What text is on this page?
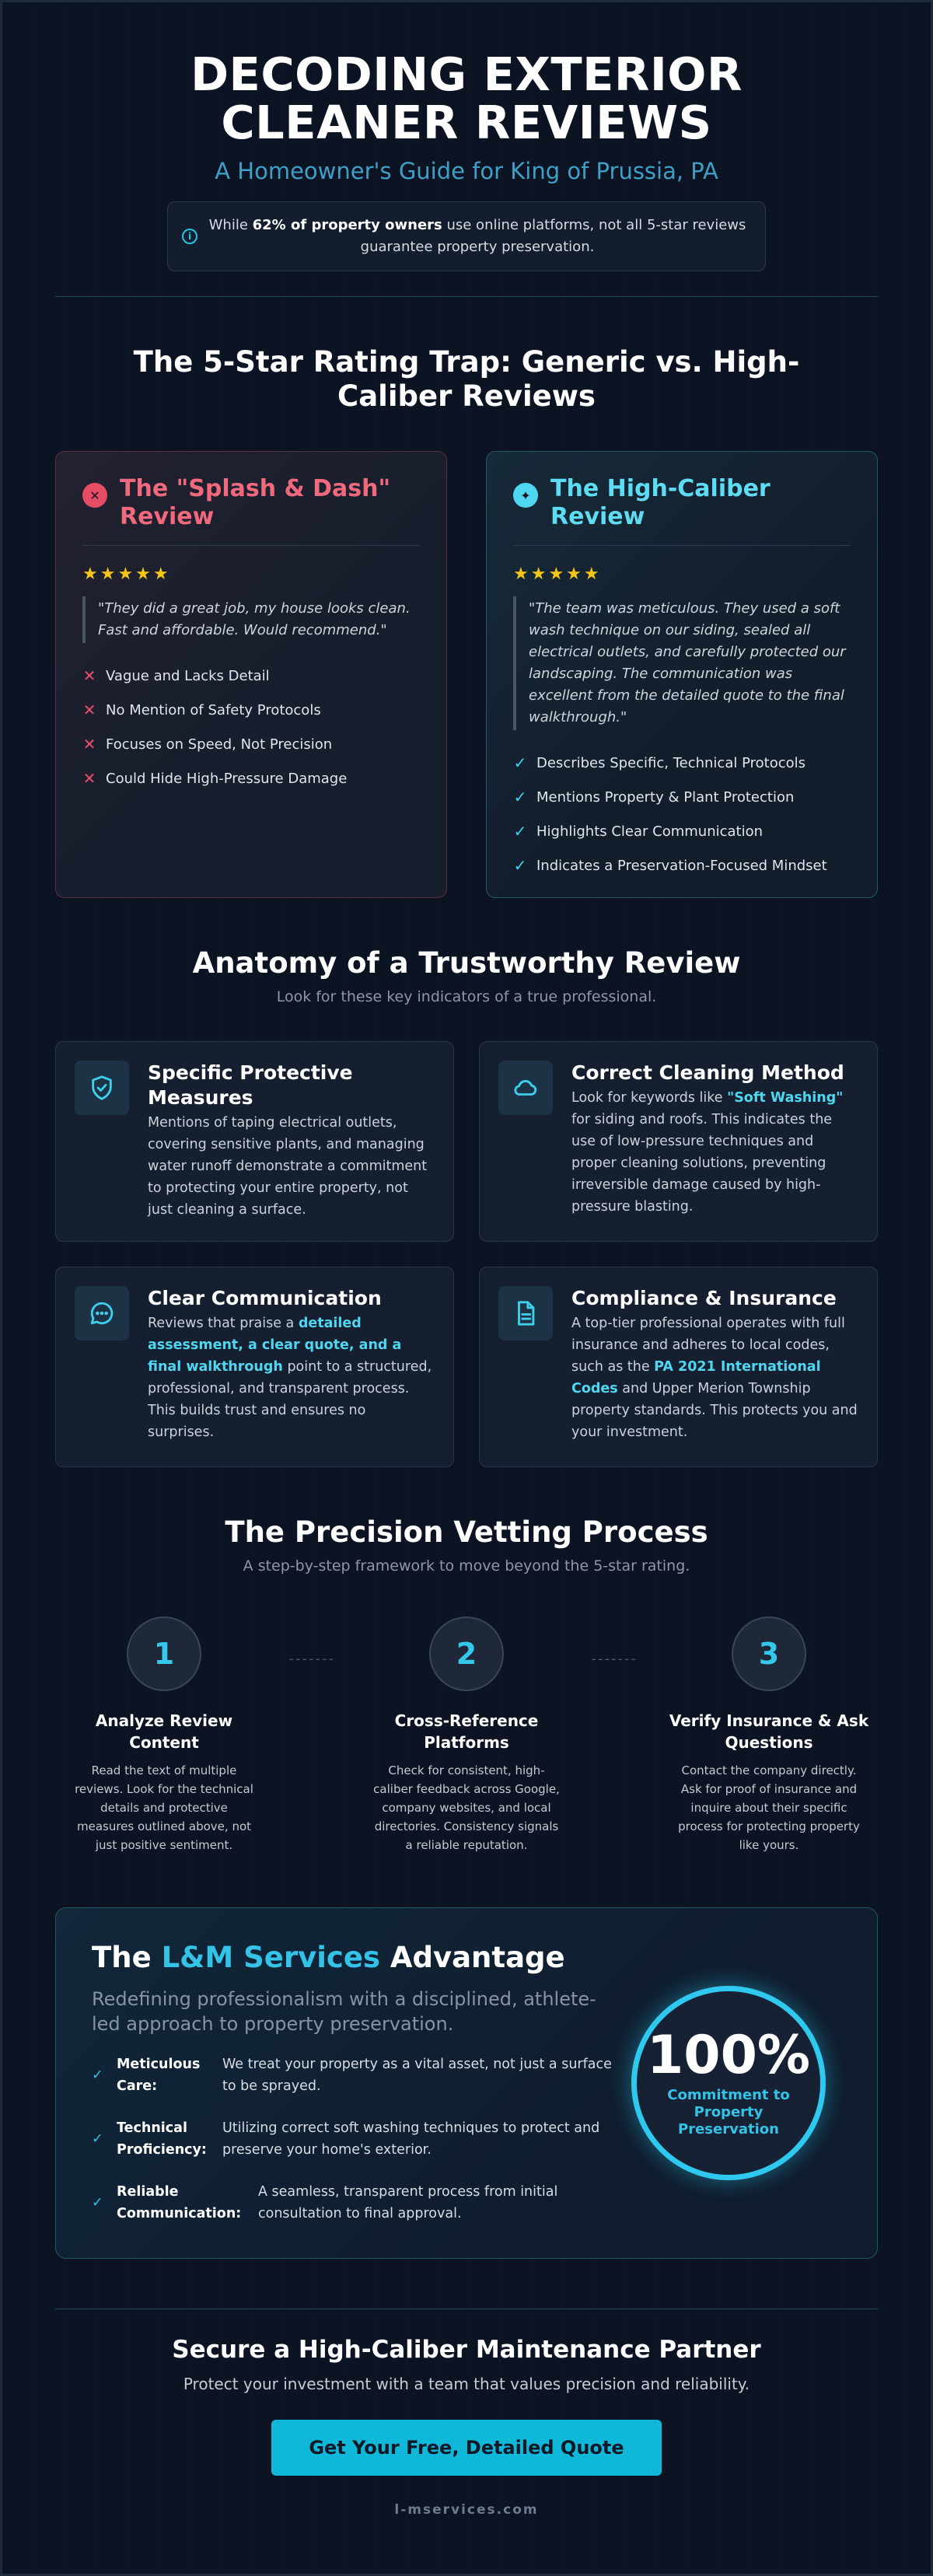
DECODING EXTERIOR CLEANER REVIEWS
A Homeowner's Guide for King of Prussia, PA
i
While 62% of property owners use online platforms, not all 5-star reviews guarantee property preservation.
The 5-Star Rating Trap: Generic vs. High-Caliber Reviews
✕ The "Splash & Dash" Review
★★★★★
"They did a great job, my house looks clean. Fast and affordable. Would recommend."
✕ Vague and Lacks Detail
✕ No Mention of Safety Protocols
✕ Focuses on Speed, Not Precision
✕ Could Hide High-Pressure Damage
✦ The High-Caliber Review
★★★★★
"The team was meticulous. They used a soft wash technique on our siding, sealed all electrical outlets, and carefully protected our landscaping. The communication was excellent from the detailed quote to the final walkthrough."
✓ Describes Specific, Technical Protocols
✓ Mentions Property & Plant Protection
✓ Highlights Clear Communication
✓ Indicates a Preservation-Focused Mindset
Anatomy of a Trustworthy Review
Look for these key indicators of a true professional.
Specific Protective Measures

Mentions of taping electrical outlets, covering sensitive plants, and managing water runoff demonstrate a commitment to protecting your entire property, not just cleaning a surface.

Correct Cleaning Method

Look for keywords like "Soft Washing" for siding and roofs. This indicates the use of low-pressure techniques and proper cleaning solutions, preventing irreversible damage caused by high-pressure blasting.

Clear Communication

Reviews that praise a detailed assessment, a clear quote, and a final walkthrough point to a structured, professional, and transparent process. This builds trust and ensures no surprises.

Compliance & Insurance

A top-tier professional operates with full insurance and adheres to local codes, such as the PA 2021 International Codes and Upper Merion Township property standards. This protects you and your investment.

The Precision Vetting Process
A step-by-step framework to move beyond the 5-star rating.
1
Analyze Review Content

Read the text of multiple reviews. Look for the technical details and protective measures outlined above, not just positive sentiment.

-------	2
Cross-Reference Platforms

Check for consistent, high-caliber feedback across Google, company websites, and local directories. Consistency signals a reliable reputation.

-------	3
Verify Insurance & Ask Questions

Contact the company directly. Ask for proof of insurance and inquire about their specific process for protecting property like yours.

The L&M Services Advantage
Redefining professionalism with a disciplined, athlete-led approach to property preservation.
✓
Meticulous Care:
We treat your property as a vital asset, not just a surface to be sprayed.
✓
Technical Proficiency:
Utilizing correct soft washing techniques to protect and preserve your home's exterior.
✓
Reliable Communication:
A seamless, transparent process from initial consultation to final approval.
100%
Commitment to Property Preservation
Secure a High-Caliber Maintenance Partner
Protect your investment with a team that values precision and reliability.
Get Your Free, Detailed Quote
l-mservices.com
